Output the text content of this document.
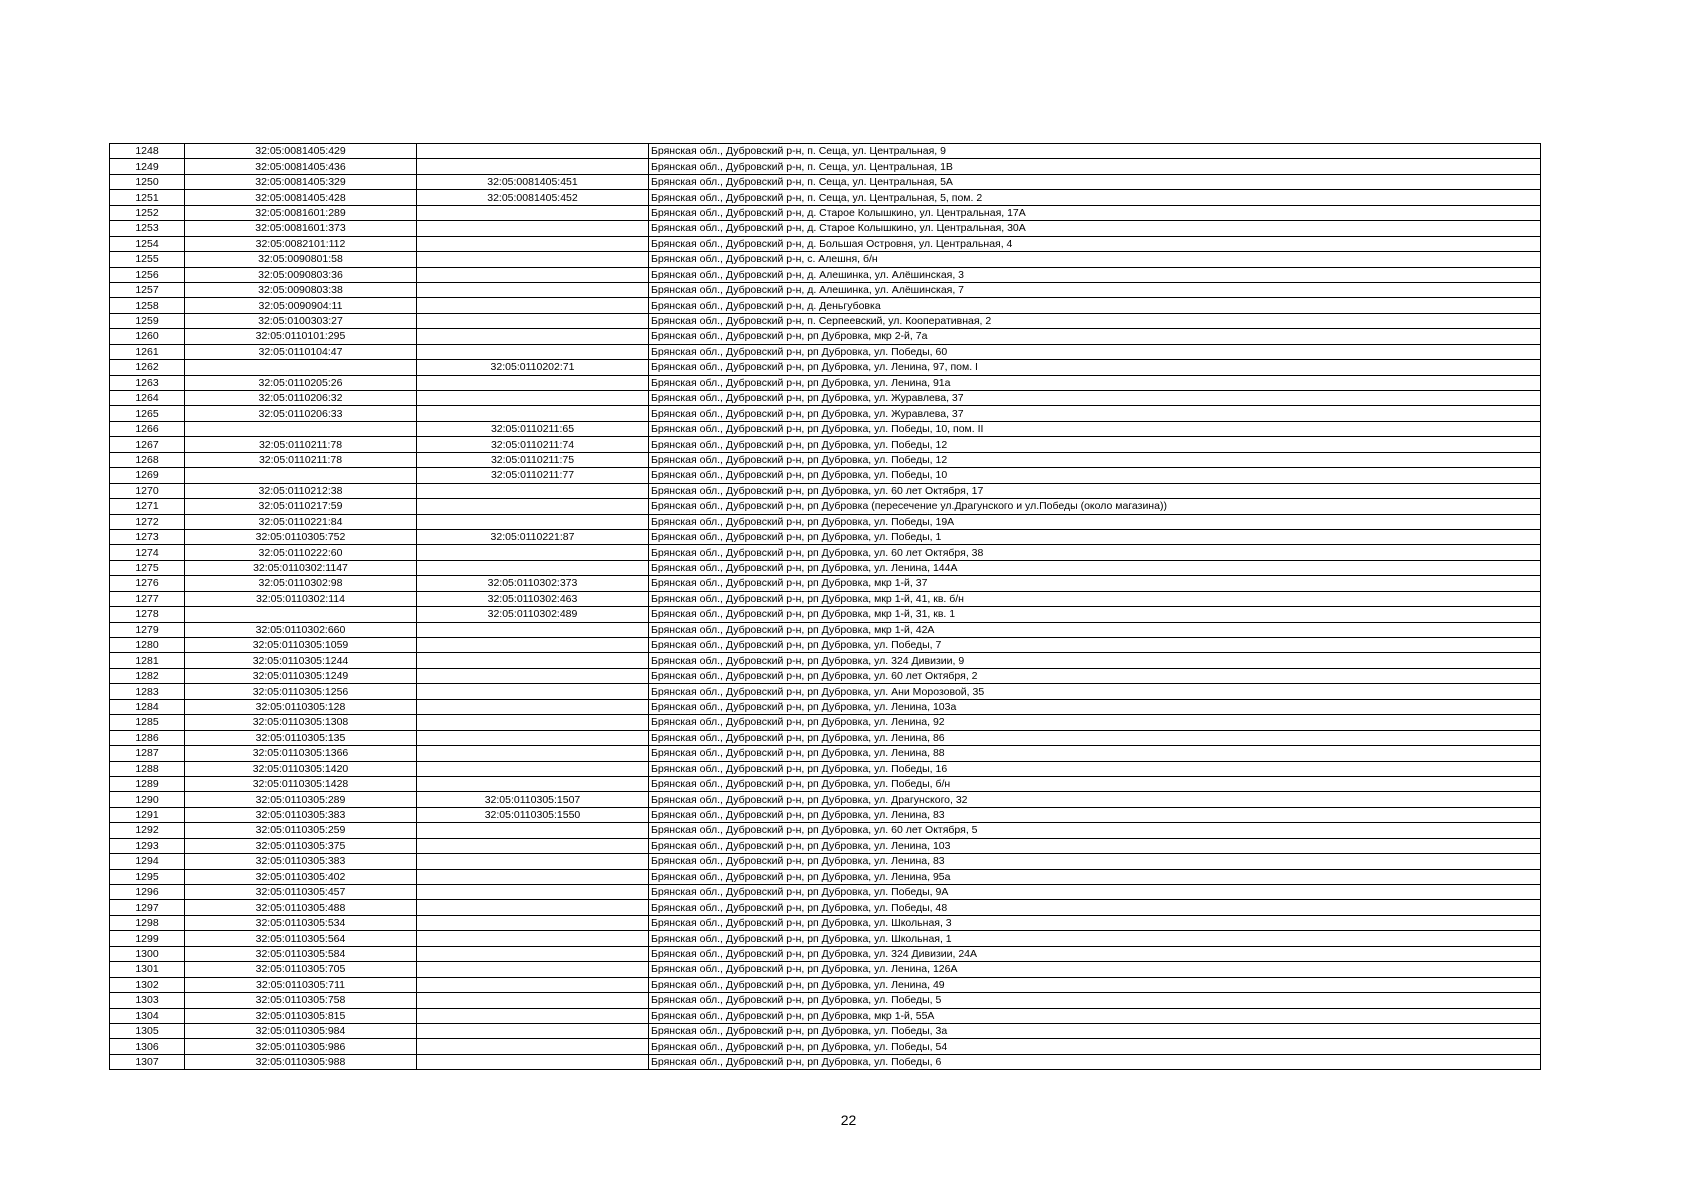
1248	32:05:0081405:429		Брянская обл., Дубровский р-н, п. Сеща, ул. Центральная, 9
1249	32:05:0081405:436		Брянская обл., Дубровский р-н, п. Сеща, ул. Центральная, 1В
1250	32:05:0081405:329	32:05:0081405:451	Брянская обл., Дубровский р-н, п. Сеща, ул. Центральная, 5А
1251	32:05:0081405:428	32:05:0081405:452	Брянская обл., Дубровский р-н, п. Сеща, ул. Центральная, 5, пом. 2
1252	32:05:0081601:289		Брянская обл., Дубровский р-н, д. Старое Колышкино, ул. Центральная, 17А
1253	32:05:0081601:373		Брянская обл., Дубровский р-н, д. Старое Колышкино, ул. Центральная, 30А
1254	32:05:0082101:112		Брянская обл., Дубровский р-н, д. Большая Островня, ул. Центральная, 4
1255	32:05:0090801:58		Брянская обл., Дубровский р-н, с. Алешня, б/н
1256	32:05:0090803:36		Брянская обл., Дубровский р-н, д. Алешинка, ул. Алёшинская, 3
1257	32:05:0090803:38		Брянская обл., Дубровский р-н, д. Алешинка, ул. Алёшинская, 7
1258	32:05:0090904:11		Брянская обл., Дубровский р-н, д. Деньгубовка
1259	32:05:0100303:27		Брянская обл., Дубровский р-н, п. Серпеевский, ул. Кооперативная, 2
1260	32:05:0110101:295		Брянская обл., Дубровский р-н, рп Дубровка, мкр 2-й, 7а
1261	32:05:0110104:47		Брянская обл., Дубровский р-н, рп Дубровка, ул. Победы, 60
1262		32:05:0110202:71	Брянская обл., Дубровский р-н, рп Дубровка, ул. Ленина, 97, пом. I
1263	32:05:0110205:26		Брянская обл., Дубровский р-н, рп Дубровка, ул. Ленина, 91а
1264	32:05:0110206:32		Брянская обл., Дубровский р-н, рп Дубровка, ул. Журавлева, 37
1265	32:05:0110206:33		Брянская обл., Дубровский р-н, рп Дубровка, ул. Журавлева, 37
1266		32:05:0110211:65	Брянская обл., Дубровский р-н, рп Дубровка, ул. Победы, 10, пом. II
1267	32:05:0110211:78	32:05:0110211:74	Брянская обл., Дубровский р-н, рп Дубровка, ул. Победы, 12
1268	32:05:0110211:78	32:05:0110211:75	Брянская обл., Дубровский р-н, рп Дубровка, ул. Победы, 12
1269		32:05:0110211:77	Брянская обл., Дубровский р-н, рп Дубровка, ул. Победы, 10
1270	32:05:0110212:38		Брянская обл., Дубровский р-н, рп Дубровка, ул. 60 лет Октября, 17
1271	32:05:0110217:59		Брянская обл., Дубровский р-н, рп Дубровка (пересечение ул.Драгунского и ул.Победы (около магазина))
1272	32:05:0110221:84		Брянская обл., Дубровский р-н, рп Дубровка, ул. Победы, 19А
1273	32:05:0110305:752	32:05:0110221:87	Брянская обл., Дубровский р-н, рп Дубровка, ул. Победы, 1
1274	32:05:0110222:60		Брянская обл., Дубровский р-н, рп Дубровка, ул. 60 лет Октября, 38
1275	32:05:0110302:1147		Брянская обл., Дубровский р-н, рп Дубровка, ул. Ленина, 144А
1276	32:05:0110302:98	32:05:0110302:373	Брянская обл., Дубровский р-н, рп Дубровка, мкр 1-й, 37
1277	32:05:0110302:114	32:05:0110302:463	Брянская обл., Дубровский р-н, рп Дубровка, мкр 1-й, 41, кв. б/н
1278		32:05:0110302:489	Брянская обл., Дубровский р-н, рп Дубровка, мкр 1-й, 31, кв. 1
1279	32:05:0110302:660		Брянская обл., Дубровский р-н, рп Дубровка, мкр 1-й, 42А
1280	32:05:0110305:1059		Брянская обл., Дубровский р-н, рп Дубровка, ул. Победы, 7
1281	32:05:0110305:1244		Брянская обл., Дубровский р-н, рп Дубровка, ул. 324 Дивизии, 9
1282	32:05:0110305:1249		Брянская обл., Дубровский р-н, рп Дубровка, ул. 60 лет Октября, 2
1283	32:05:0110305:1256		Брянская обл., Дубровский р-н, рп Дубровка, ул. Ани Морозовой, 35
1284	32:05:0110305:128		Брянская обл., Дубровский р-н, рп Дубровка, ул. Ленина, 103а
1285	32:05:0110305:1308		Брянская обл., Дубровский р-н, рп Дубровка, ул. Ленина, 92
1286	32:05:0110305:135		Брянская обл., Дубровский р-н, рп Дубровка, ул. Ленина, 86
1287	32:05:0110305:1366		Брянская обл., Дубровский р-н, рп Дубровка, ул. Ленина, 88
1288	32:05:0110305:1420		Брянская обл., Дубровский р-н, рп Дубровка, ул. Победы, 16
1289	32:05:0110305:1428		Брянская обл., Дубровский р-н, рп Дубровка, ул. Победы, б/н
1290	32:05:0110305:289	32:05:0110305:1507	Брянская обл., Дубровский р-н, рп Дубровка, ул. Драгунского, 32
1291	32:05:0110305:383	32:05:0110305:1550	Брянская обл., Дубровский р-н, рп Дубровка, ул. Ленина, 83
1292	32:05:0110305:259		Брянская обл., Дубровский р-н, рп Дубровка, ул. 60 лет Октября, 5
1293	32:05:0110305:375		Брянская обл., Дубровский р-н, рп Дубровка, ул. Ленина, 103
1294	32:05:0110305:383		Брянская обл., Дубровский р-н, рп Дубровка, ул. Ленина, 83
1295	32:05:0110305:402		Брянская обл., Дубровский р-н, рп Дубровка, ул. Ленина, 95а
1296	32:05:0110305:457		Брянская обл., Дубровский р-н, рп Дубровка, ул. Победы, 9А
1297	32:05:0110305:488		Брянская обл., Дубровский р-н, рп Дубровка, ул. Победы, 48
1298	32:05:0110305:534		Брянская обл., Дубровский р-н, рп Дубровка, ул. Школьная, 3
1299	32:05:0110305:564		Брянская обл., Дубровский р-н, рп Дубровка, ул. Школьная, 1
1300	32:05:0110305:584		Брянская обл., Дубровский р-н, рп Дубровка, ул. 324 Дивизии, 24А
1301	32:05:0110305:705		Брянская обл., Дубровский р-н, рп Дубровка, ул. Ленина, 126А
1302	32:05:0110305:711		Брянская обл., Дубровский р-н, рп Дубровка, ул. Ленина, 49
1303	32:05:0110305:758		Брянская обл., Дубровский р-н, рп Дубровка, ул. Победы, 5
1304	32:05:0110305:815		Брянская обл., Дубровский р-н, рп Дубровка, мкр 1-й, 55А
1305	32:05:0110305:984		Брянская обл., Дубровский р-н, рп Дубровка, ул. Победы, 3а
1306	32:05:0110305:986		Брянская обл., Дубровский р-н, рп Дубровка, ул. Победы, 54
1307	32:05:0110305:988		Брянская обл., Дубровский р-н, рп Дубровка, ул. Победы, 6
22
